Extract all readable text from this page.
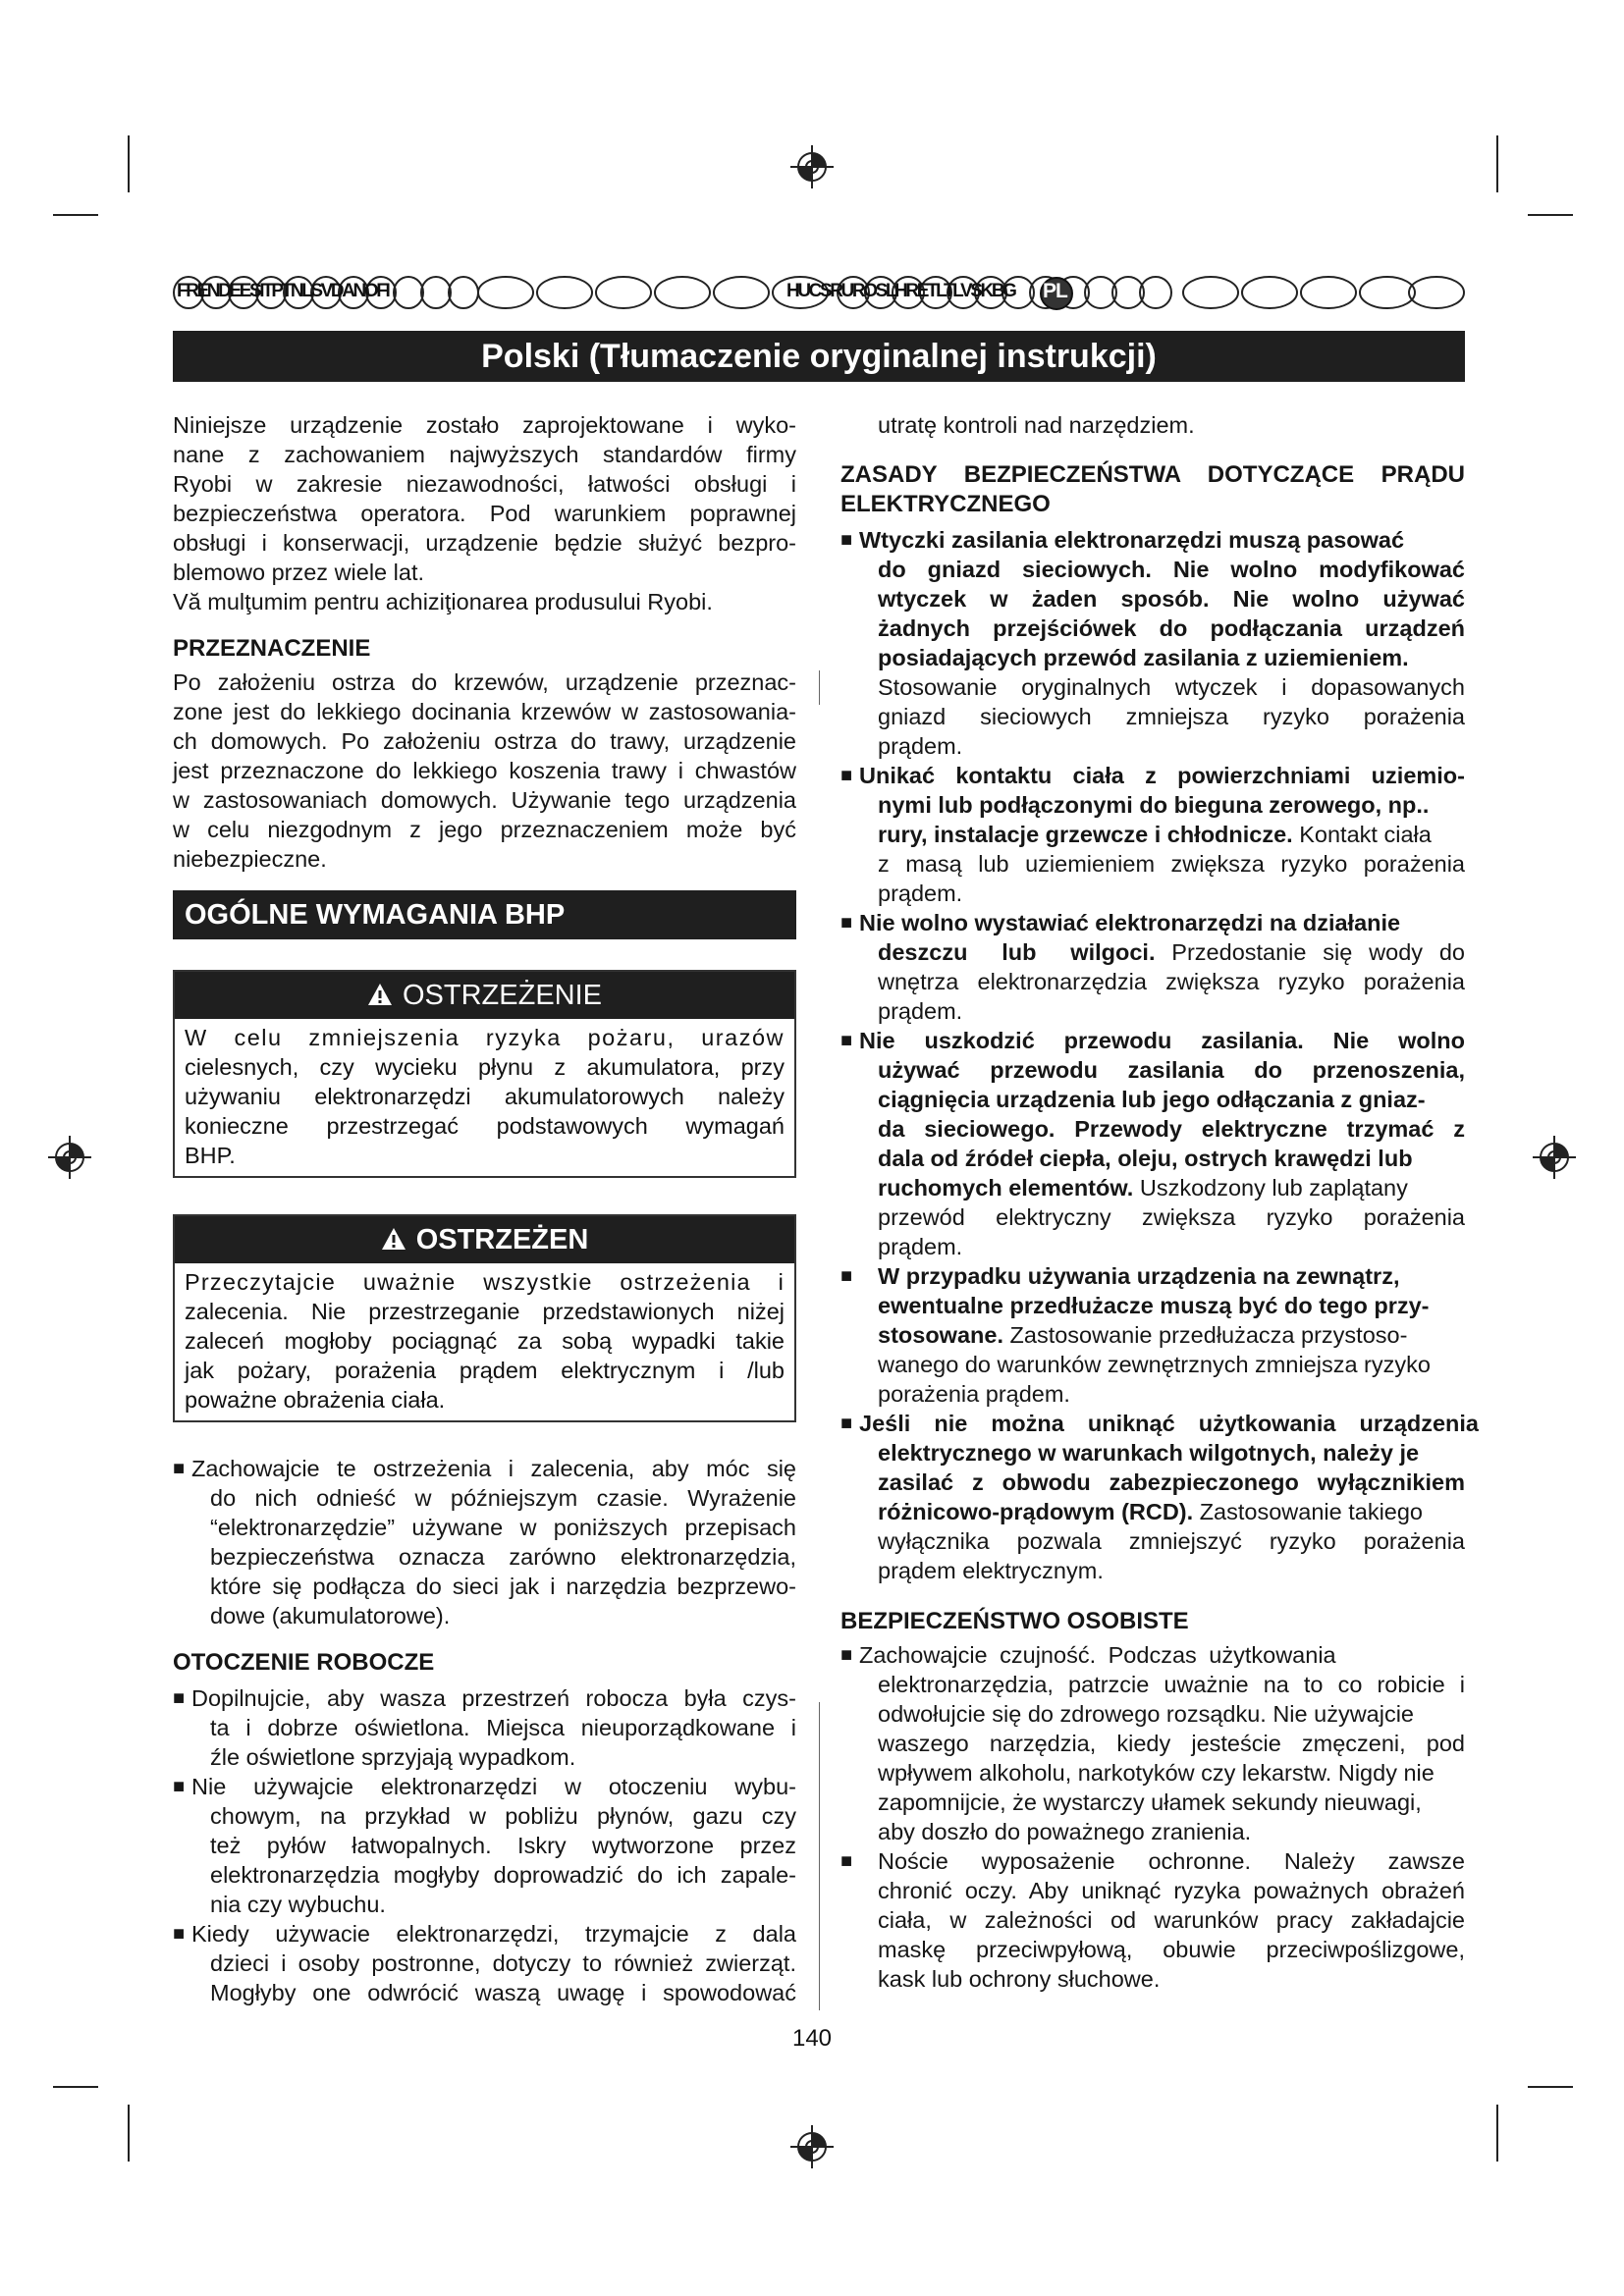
FRENDEESITPTNLSVDANOFI	HUCSRUROSLHRETLTLVSKBG PL
Polski (Tłumaczenie oryginalnej instrukcji)

Niniejsze urządzenie zostało zaprojektowane i wyko-

nane z zachowaniem najwyższych standardów firmy

Ryobi w zakresie niezawodności, łatwości obsługi i

bezpieczeństwa operatora. Pod warunkiem poprawnej

obsługi i konserwacji, urządzenie będzie służyć bezpro-

blemowo przez wiele lat.

Vă mulţumim pentru achiziţionarea produsului Ryobi.

PRZEZNACZENIE

Po założeniu ostrza do krzewów, urządzenie przeznac-

zone jest do lekkiego docinania krzewów w zastosowania-

ch domowych. Po założeniu ostrza do trawy, urządzenie

jest przeznaczone do lekkiego koszenia trawy i chwastów

w zastosowaniach domowych. Używanie tego urządzenia

w celu niezgodnym z jego przeznaczeniem może być

niebezpieczne.

OGÓLNE WYMAGANIA BHP
OSTRZEŻENIE

W celu zmniejszenia ryzyka pożaru, urazów

cielesnych, czy wycieku płynu z akumulatora, przy

używaniu elektronarzędzi akumulatorowych należy

konieczne przestrzegać podstawowych wymagań

BHP.

OSTRZEŻEN

Przeczytajcie uważnie wszystkie ostrzeżenia i

zalecenia. Nie przestrzeganie przedstawionych niżej

zaleceń mogłoby pociągnąć za sobą wypadki takie

jak pożary, porażenia prądem elektrycznym i /lub

poważne obrażenia ciała.

■ Zachowajcie te ostrzeżenia i zalecenia, aby móc się

do nich odnieść w późniejszym czasie. Wyrażenie

“elektronarzędzie” używane w poniższych przepisach

bezpieczeństwa oznacza zarówno elektronarzędzia,

które się podłącza do sieci jak i narzędzia bezprzewo-

dowe (akumulatorowe).

OTOCZENIE ROBOCZE

■ Dopilnujcie, aby wasza przestrzeń robocza była czys-

ta i dobrze oświetlona. Miejsca nieuporządkowane i

źle oświetlone sprzyjają wypadkom.

■ Nie używajcie elektronarzędzi w otoczeniu wybu-

chowym, na przykład w pobliżu płynów, gazu czy

też pyłów łatwopalnych. Iskry wytworzone przez

elektronarzędzia mogłyby doprowadzić do ich zapale-

nia czy wybuchu.

■ Kiedy używacie elektronarzędzi, trzymajcie z dala

dzieci i osoby postronne, dotyczy to również zwierząt.

Mogłyby one odwrócić waszą uwagę i spowodować

utratę kontroli nad narzędziem.

ZASADY BEZPIECZEŃSTWA DOTYCZĄCE PRĄDU

ELEKTRYCZNEGO

■ Wtyczki zasilania elektronarzędzi muszą pasować

do gniazd sieciowych. Nie wolno modyfikować

wtyczek w żaden sposób. Nie wolno używać

żadnych przejściówek do podłączania urządzeń

posiadających przewód zasilania z uziemieniem.

Stosowanie oryginalnych wtyczek i dopasowanych

gniazd sieciowych zmniejsza ryzyko porażenia

prądem.

■ Unikać kontaktu ciała z powierzchniami uziemio-

nymi lub podłączonymi do bieguna zerowego, np..

rury, instalacje grzewcze i chłodnicze. Kontakt ciała

z masą lub uziemieniem zwiększa ryzyko porażenia

prądem.

■ Nie wolno wystawiać elektronarzędzi na działanie

deszczu lub wilgoci. Przedostanie się wody do

wnętrza elektronarzędzia zwiększa ryzyko porażenia

prądem.

■ Nie uszkodzić przewodu zasilania. Nie wolno

używać przewodu zasilania do przenoszenia,

ciągnięcia urządzenia lub jego odłączania z gniaz-

da sieciowego. Przewody elektryczne trzymać z

dala od źródeł ciepła, oleju, ostrych krawędzi lub

ruchomych elementów. Uszkodzony lub zaplątany

przewód elektryczny zwiększa ryzyko porażenia

prądem.

■ W przypadku używania urządzenia na zewnątrz,

ewentualne przedłużacze muszą być do tego przy-

stosowane. Zastosowanie przedłużacza przystoso-

wanego do warunków zewnętrznych zmniejsza ryzyko

porażenia prądem.

■ Jeśli nie można uniknąć użytkowania urządzenia

elektrycznego w warunkach wilgotnych, należy je

zasilać z obwodu zabezpieczonego wyłącznikiem

różnicowo-prądowym (RCD). Zastosowanie takiego

wyłącznika pozwala zmniejszyć ryzyko porażenia

prądem elektrycznym.

BEZPIECZEŃSTWO OSOBISTE

■ Zachowajcie czujność. Podczas użytkowania

elektronarzędzia, patrzcie uważnie na to co robicie i

odwołujcie się do zdrowego rozsądku. Nie używajcie

waszego narzędzia, kiedy jesteście zmęczeni, pod

wpływem alkoholu, narkotyków czy lekarstw. Nigdy nie

zapomnijcie, że wystarczy ułamek sekundy nieuwagi,

aby doszło do poważnego zranienia.

■ Noście wyposażenie ochronne. Należy zawsze

chronić oczy. Aby uniknąć ryzyka poważnych obrażeń

ciała, w zależności od warunków pracy zakładajcie

maskę przeciwpyłową, obuwie przeciwpoślizgowe,

kask lub ochrony słuchowe.

140
